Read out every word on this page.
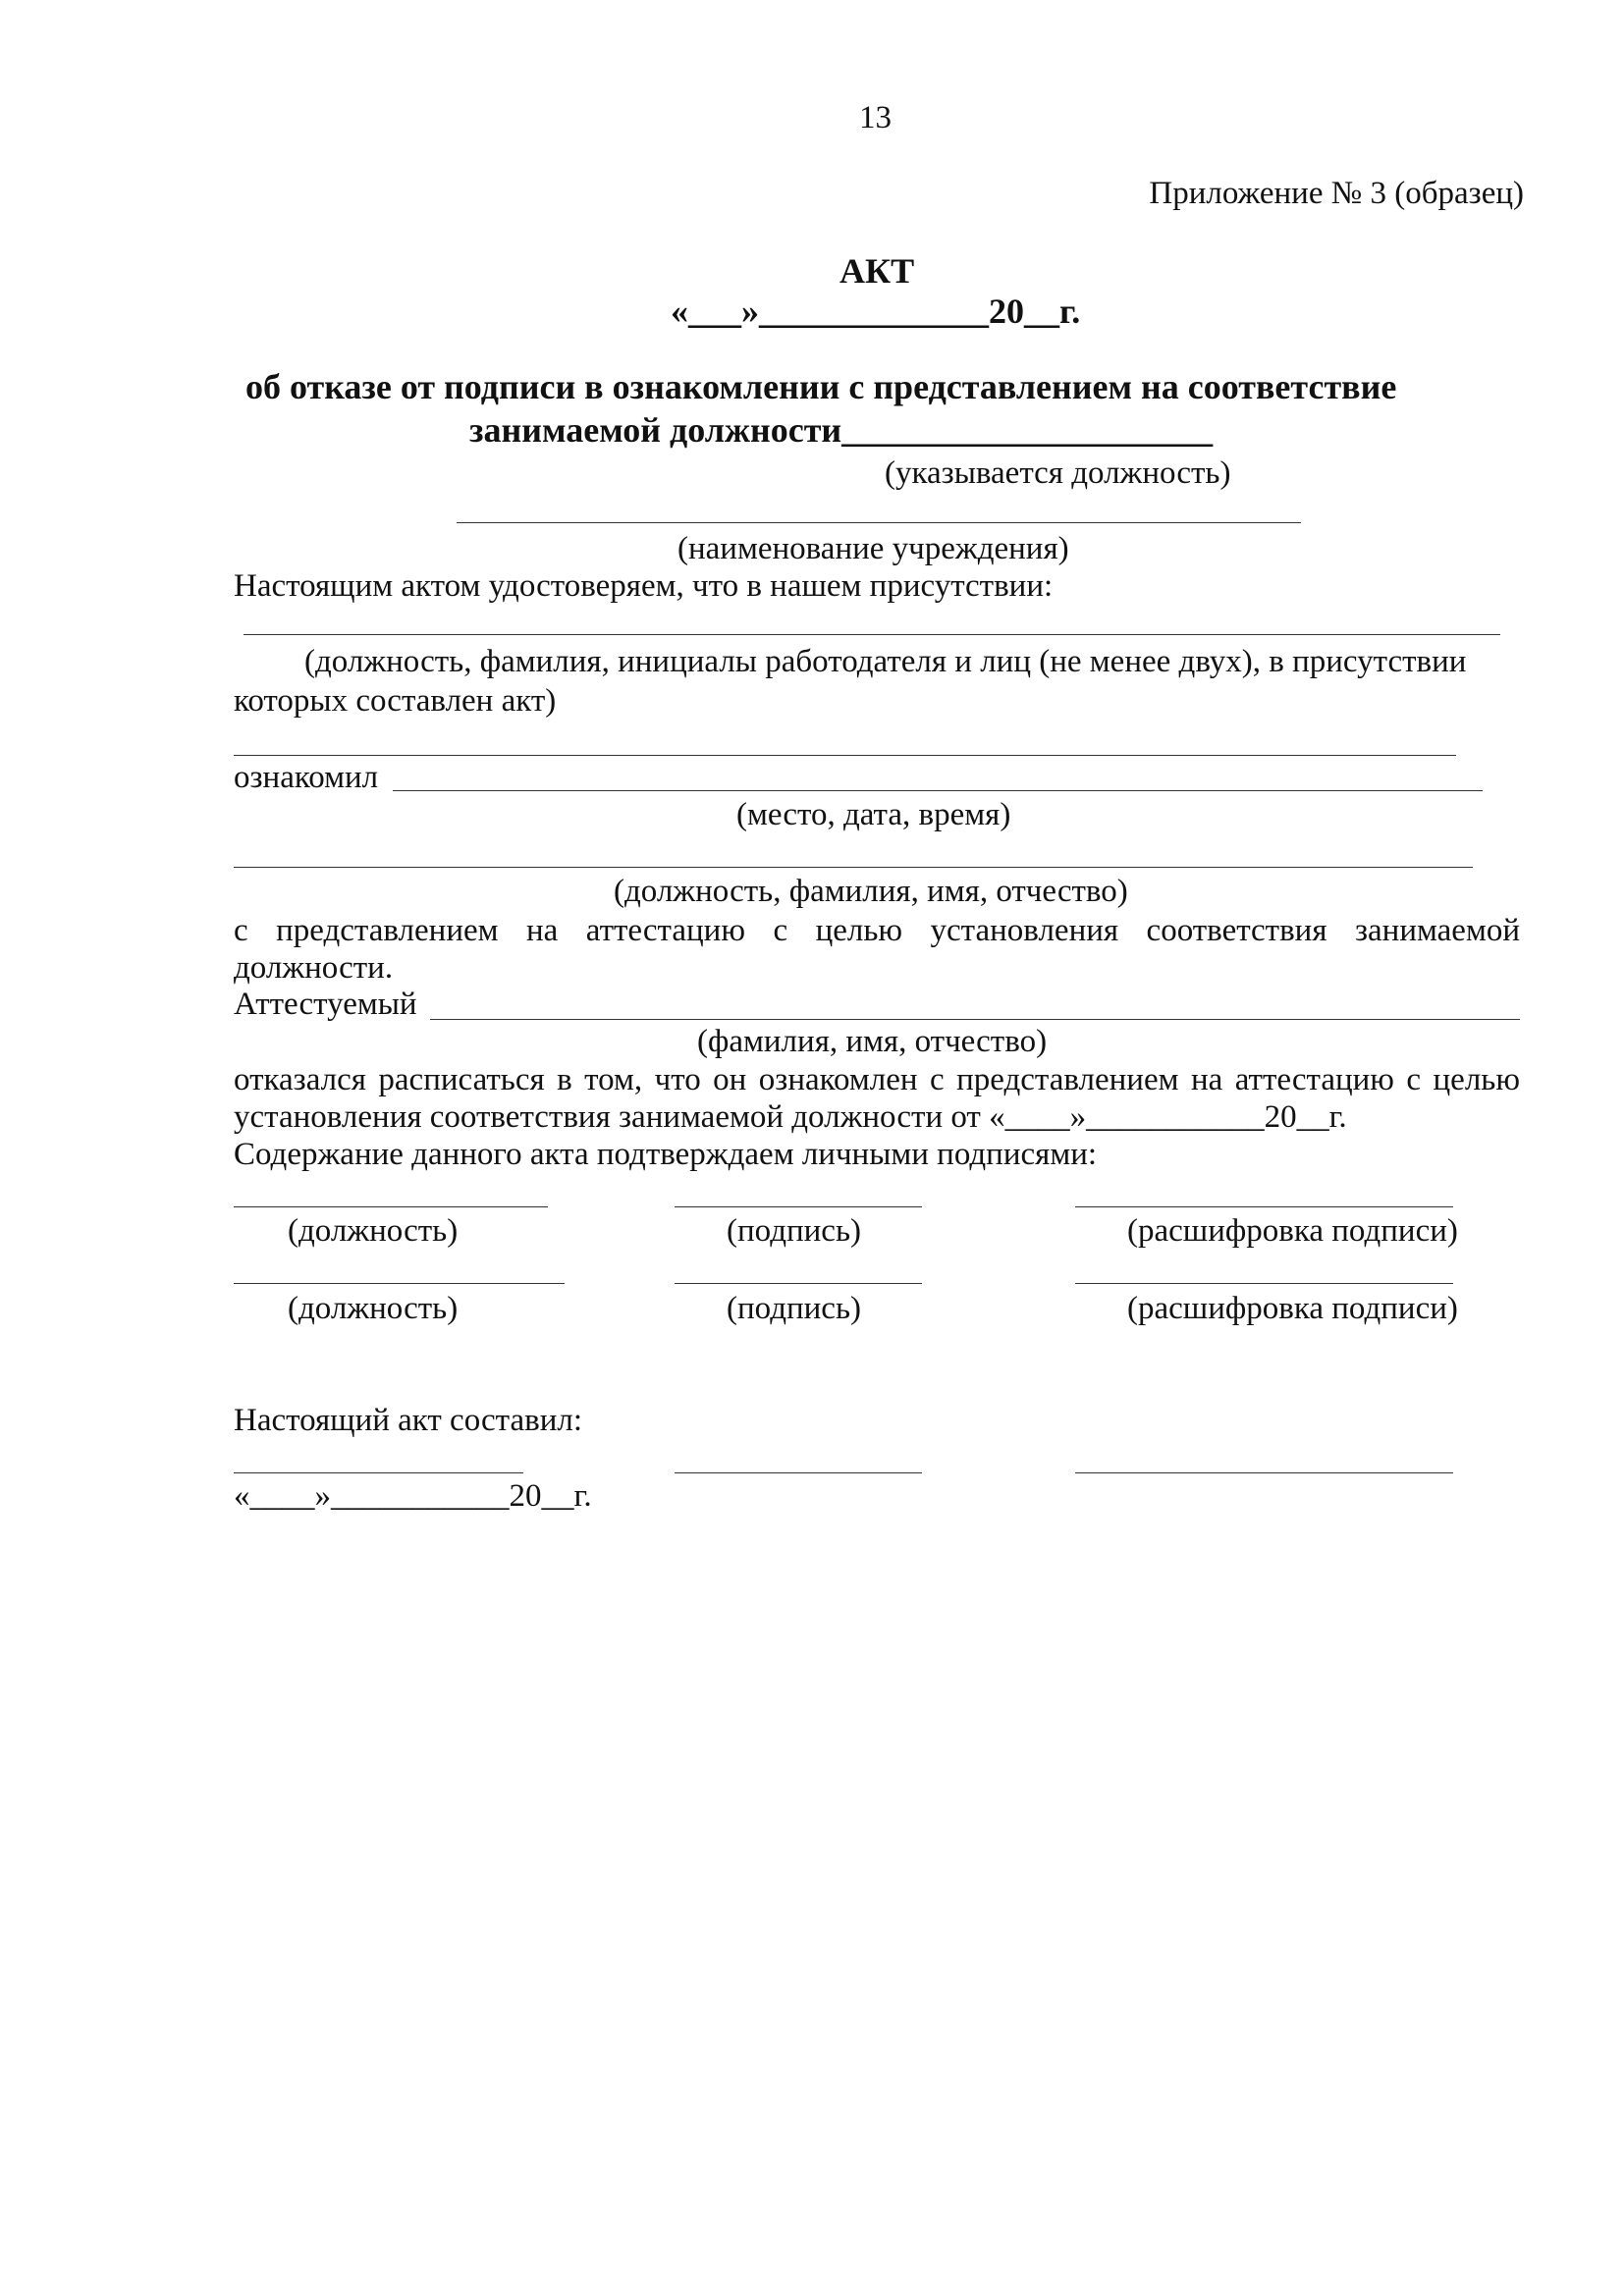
13
Приложение № 3 (образец)
АКТ
«___»_____________20__г.
об отказе от подписи в ознакомлении с представлением на соответствие
занимаемой должности_____________________
(указывается должность)
(наименование учреждения)
Настоящим актом удостоверяем, что в нашем присутствии:
(должность, фамилия, инициалы работодателя и лиц (не менее двух), в присутствии
которых составлен акт)
ознакомил
(место, дата, время)
(должность, фамилия, имя, отчество)
с представлением на аттестацию с целью установления соответствия занимаемой
должности.
Аттестуемый
(фамилия, имя, отчество)
отказался расписаться в том, что он ознакомлен с представлением на аттестацию с целью
установления соответствия занимаемой должности от «____»___________20__г.
Содержание данного акта подтверждаем личными подписями:
(должность)	(подпись)	(расшифровка подписи)
(должность)	(подпись)	(расшифровка подписи)
Настоящий акт составил:
«____»___________20__г.
